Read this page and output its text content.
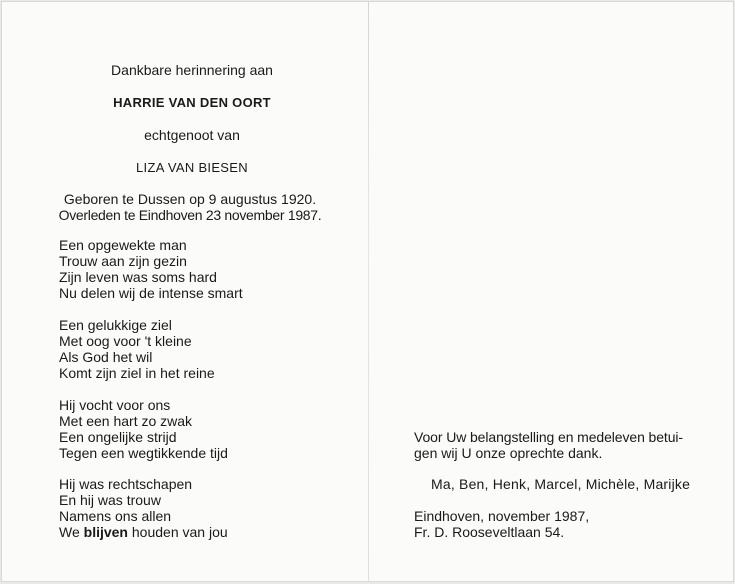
Dankbare herinnering aan
HARRIE VAN DEN OORT
echtgenoot van
LIZA VAN BIESEN
Geboren te Dussen op 9 augustus 1920.
Overleden te Eindhoven 23 november 1987.
Een opgewekte man
Trouw aan zijn gezin
Zijn leven was soms hard
Nu delen wij de intense smart
Een gelukkige ziel
Met oog voor 't kleine
Als God het wil
Komt zijn ziel in het reine
Hij vocht voor ons
Met een hart zo zwak
Een ongelijke strijd
Tegen een wegtikkende tijd
Hij was rechtschapen
En hij was trouw
Namens ons allen
We blijven houden van jou
Voor Uw belangstelling en medeleven betui-
gen wij U onze oprechte dank.
Ma, Ben, Henk, Marcel, Michèle, Marijke
Eindhoven, november 1987,
Fr. D. Rooseveltlaan 54.
